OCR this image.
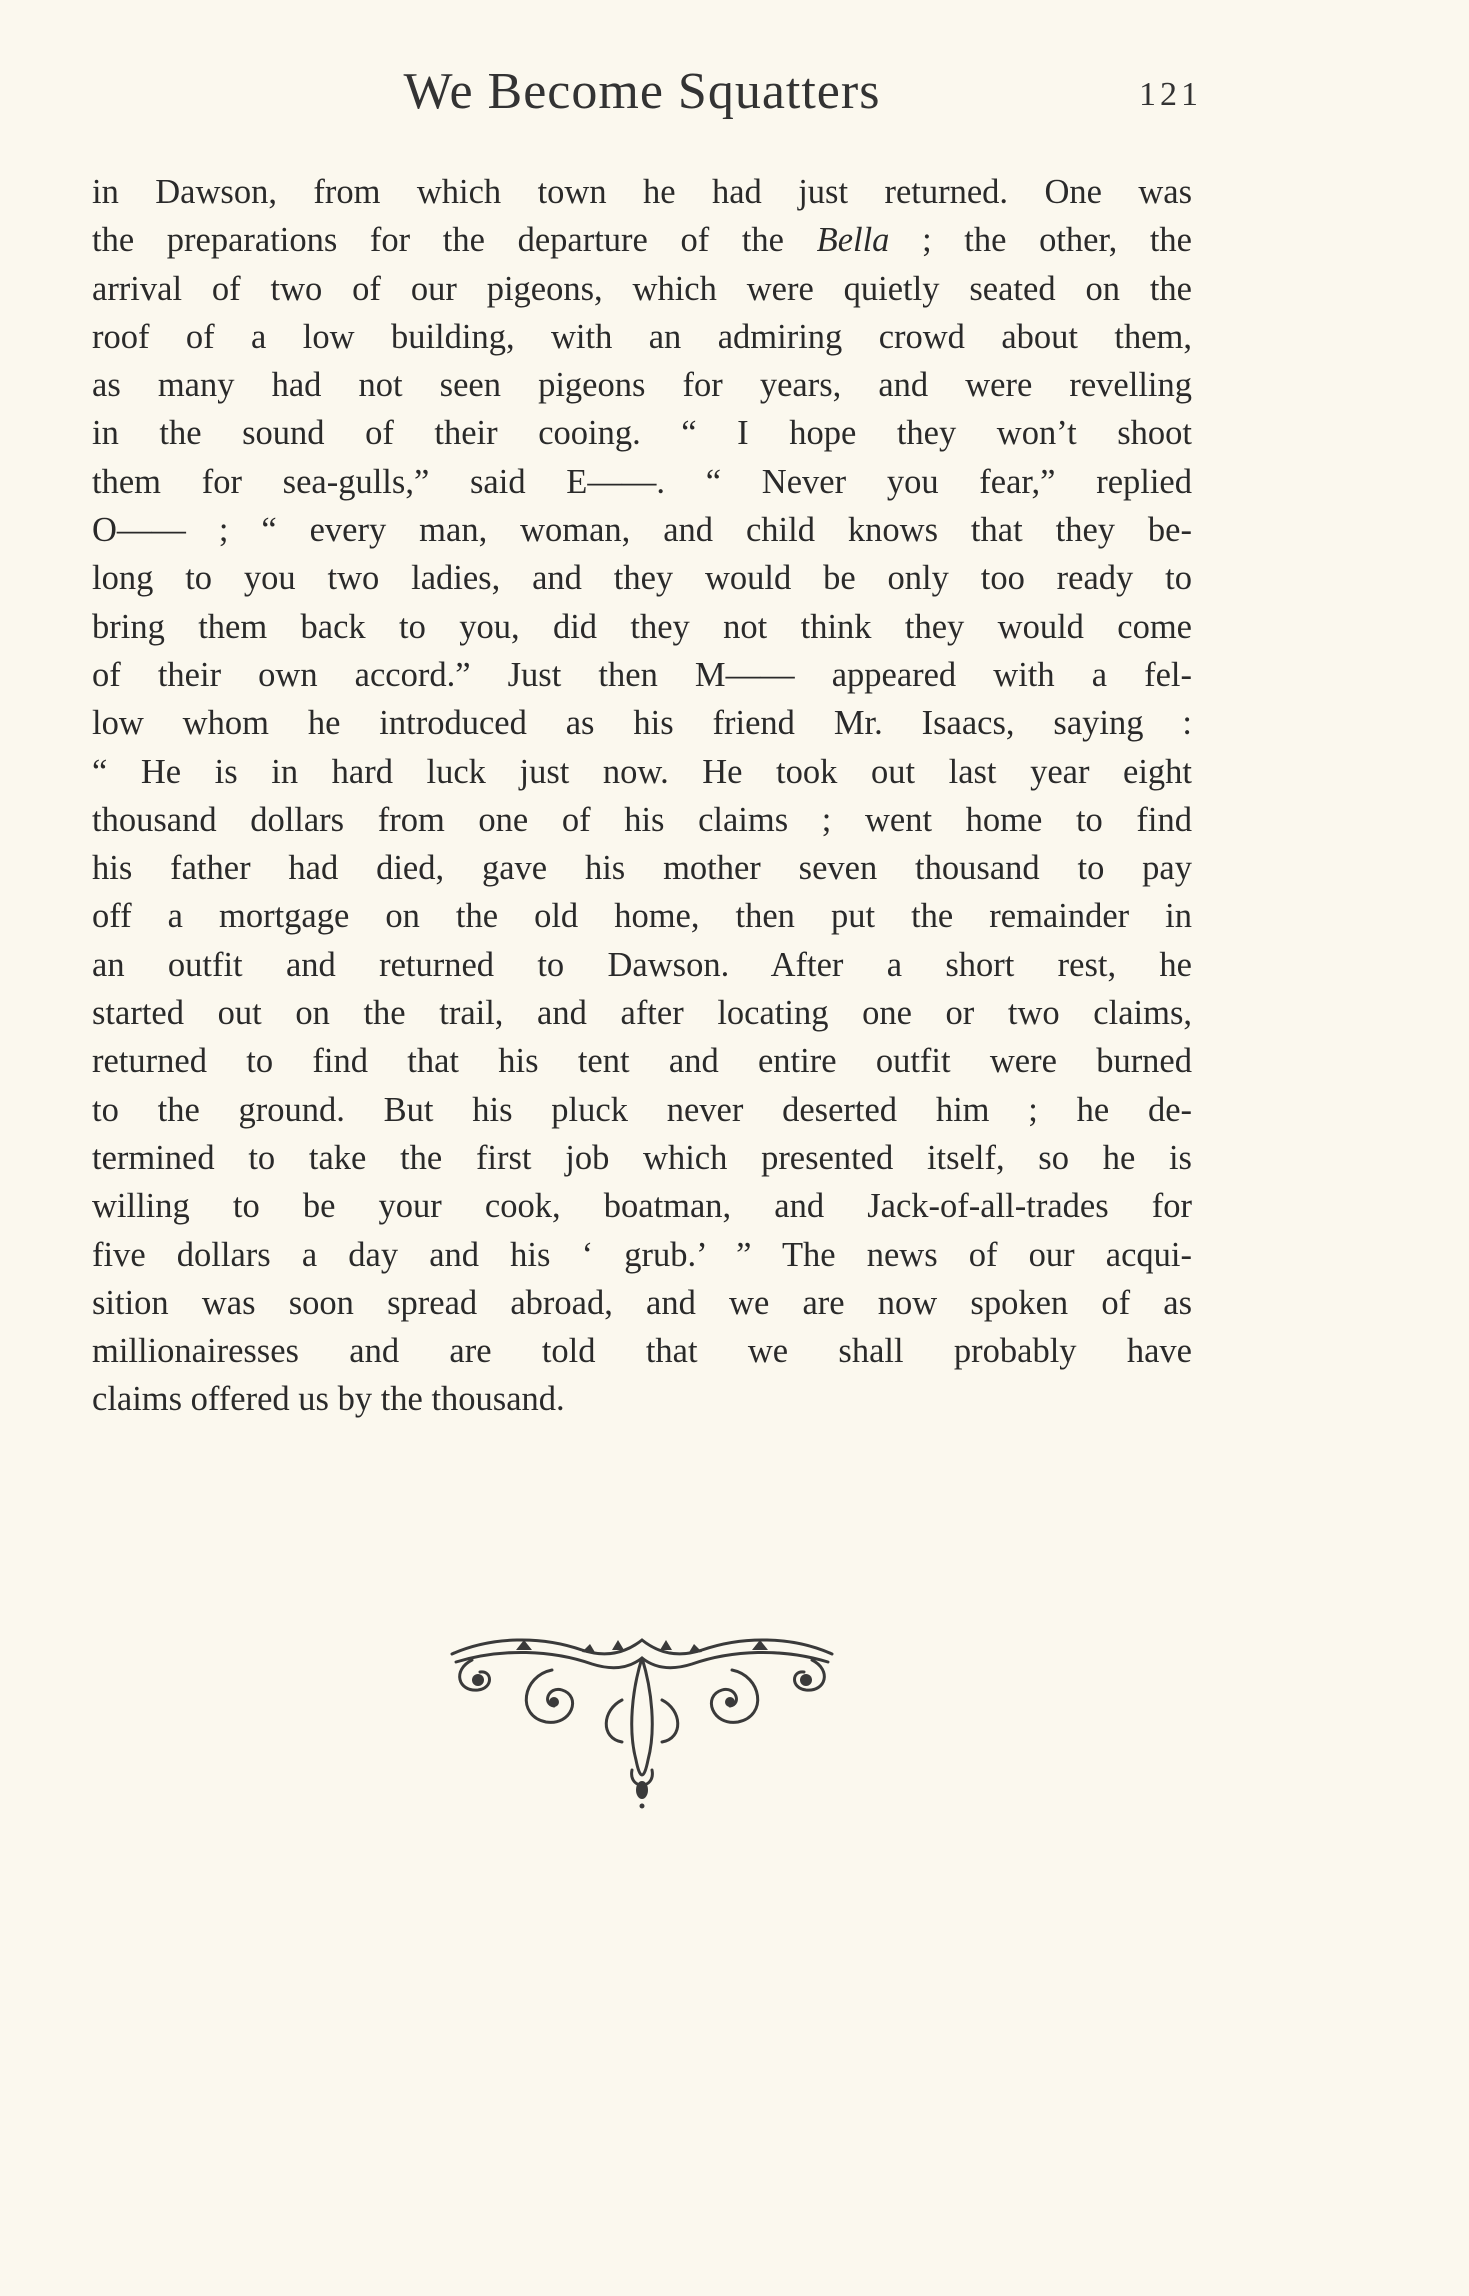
We Become Squatters	121
in Dawson, from which town he had just returned. One was
the preparations for the departure of the Bella ; the other, the
arrival of two of our pigeons, which were quietly seated on the
roof of a low building, with an admiring crowd about them,
as many had not seen pigeons for years, and were revelling
in the sound of their cooing. “ I hope they won’t shoot
them for sea-gulls,” said E——. “ Never you fear,” replied
O—— ; “ every man, woman, and child knows that they be-
long to you two ladies, and they would be only too ready to
bring them back to you, did they not think they would come
of their own accord.” Just then M—— appeared with a fel-
low whom he introduced as his friend Mr. Isaacs, saying :
“ He is in hard luck just now. He took out last year eight
thousand dollars from one of his claims ; went home to find
his father had died, gave his mother seven thousand to pay
off a mortgage on the old home, then put the remainder in
an outfit and returned to Dawson. After a short rest, he
started out on the trail, and after locating one or two claims,
returned to find that his tent and entire outfit were burned
to the ground. But his pluck never deserted him ; he de-
termined to take the first job which presented itself, so he is
willing to be your cook, boatman, and Jack-of-all-trades for
five dollars a day and his ‘ grub.’ ” The news of our acqui-
sition was soon spread abroad, and we are now spoken of as
millionairesses and are told that we shall probably have
claims offered us by the thousand.
